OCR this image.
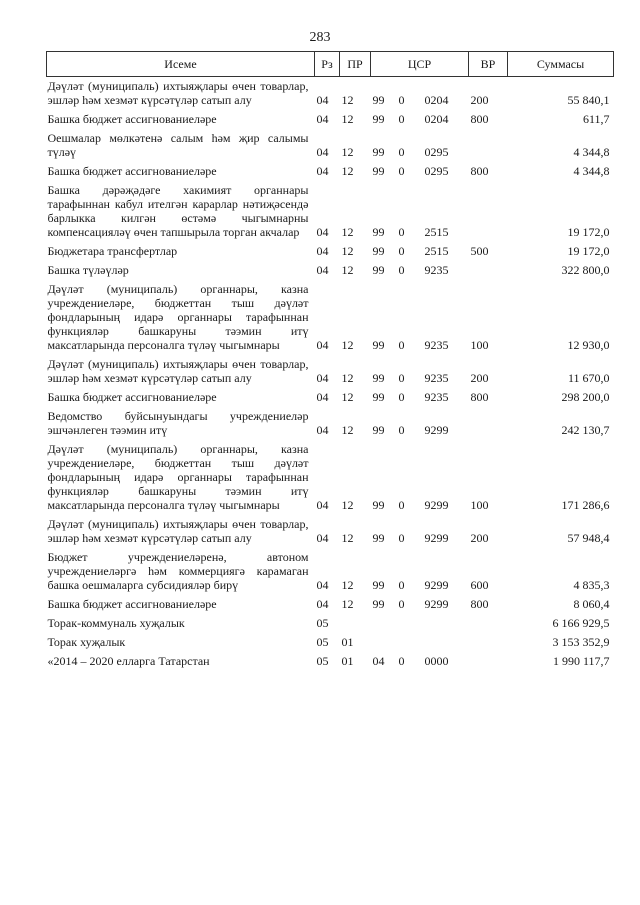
283
Исеме	Рз	ПР	ЦСР			ВР	Суммасы
Дәүләт (муниципаль) ихтыяҗлары өчен товарлар, эшләр һәм хезмәт күрсәтүләр сатып алу	04	12	99	0	0204	200	55 840,1
Башка бюджет ассигнованиеләре	04	12	99	0	0204	800	611,7
Оешмалар мөлкәтенә салым һәм җир салымы түләү	04	12	99	0	0295		4 344,8
Башка бюджет ассигнованиеләре	04	12	99	0	0295	800	4 344,8
Башка дәрәҗәдәге хакимият органнары тарафыннан кабул ителгән карарлар нәтиҗәсендә барлыкка килгән өстәмә чыгымнарны компенсацияләү өчен тапшырыла торган акчалар	04	12	99	0	2515		19 172,0
Бюджетара трансфертлар	04	12	99	0	2515	500	19 172,0
Башка түләүләр	04	12	99	0	9235		322 800,0
Дәүләт (муниципаль) органнары, казна учреждениеләре, бюджеттан тыш дәүләт фондларының идарә органнары тарафыннан функцияләр башкаруны тәэмин итү максатларында персоналга түләү чыгымнары	04	12	99	0	9235	100	12 930,0
Дәүләт (муниципаль) ихтыяҗлары өчен товарлар, эшләр һәм хезмәт күрсәтүләр сатып алу	04	12	99	0	9235	200	11 670,0
Башка бюджет ассигнованиеләре	04	12	99	0	9235	800	298 200,0
Ведомство буйсынуындагы учреждениеләр эшчәнлеген тәэмин итү	04	12	99	0	9299		242 130,7
Дәүләт (муниципаль) органнары, казна учреждениеләре, бюджеттан тыш дәүләт фондларының идарә органнары тарафыннан функцияләр башкаруны тәэмин итү максатларында персоналга түләү чыгымнары	04	12	99	0	9299	100	171 286,6
Дәүләт (муниципаль) ихтыяҗлары өчен товарлар, эшләр һәм хезмәт күрсәтүләр сатып алу	04	12	99	0	9299	200	57 948,4
Бюджет учреждениеләренә, автоном учреждениеләргә һәм коммерциягә карамаган башка оешмаларга субсидияләр бирү	04	12	99	0	9299	600	4 835,3
Башка бюджет ассигнованиеләре	04	12	99	0	9299	800	8 060,4
Торак-коммуналь хуҗалык	05						6 166 929,5
Торак хуҗалык	05	01					3 153 352,9
«2014 – 2020 елларга Татарстан	05	01	04	0	0000		1 990 117,7
